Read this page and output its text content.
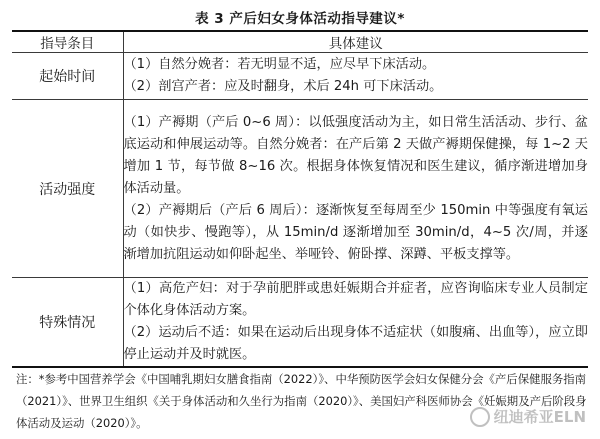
表 3 产后妇女身体活动指导建议*
指导条目	具体建议
起始时间	（1）自然分娩者：若无明显不适，应尽早下床活动。

（2）剖宫产者：应及时翻身，术后 24h 可下床活动。

活动强度	（1）产褥期（产后 0~6 周）：以低强度活动为主，如日常生活活动、步行、盆底运动和伸展运动等。自然分娩者：在产后第 2 天做产褥期保健操，每 1~2 天增加 1 节，每节做 8~16 次。根据身体恢复情况和医生建议，循序渐进增加身体活动量。

（2）产褥期后（产后 6 周后）：逐渐恢复至每周至少 150min 中等强度有氧运动（如快步、慢跑等），从 15min/d 逐渐增加至 30min/d，4~5 次/周，并逐渐增加抗阻运动如仰卧起坐、举哑铃、俯卧撑、深蹲、平板支撑等。

特殊情况	（1）高危产妇：对于孕前肥胖或患妊娠期合并症者，应咨询临床专业人员制定个体化身体活动方案。

（2）运动后不适：如果在运动后出现身体不适症状（如腹痛、出血等），应立即停止运动并及时就医。

注：*参考中国营养学会《中国哺乳期妇女膳食指南（2022）》、中华预防医学会妇女保健分会《产后保健服务指南（2021）》、世界卫生组织《关于身体活动和久坐行为指南（2020）》、美国妇产科医师协会《妊娠期及产后阶段身体活动及运动（2020）》。	纽迪希亚ELN
